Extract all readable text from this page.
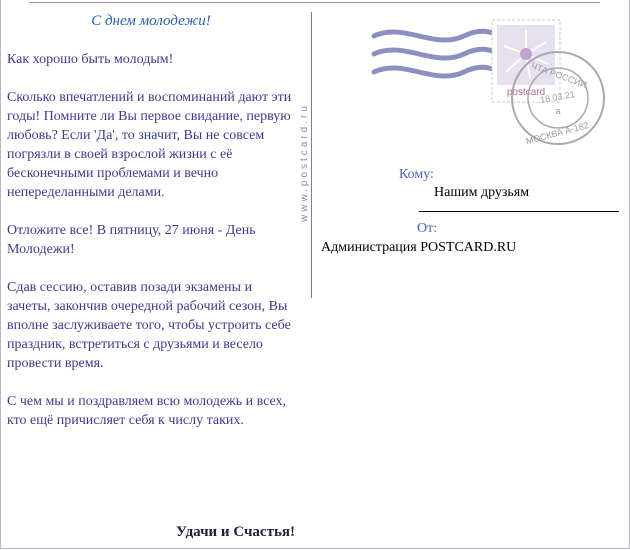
С днем молодежи!

Как хорошо быть молодым!

Сколько впечатлений и воспоминаний дают эти годы! Помните ли Вы первое свидание, первую любовь? Если 'Да', то значит, Вы не совсем погрязли в своей взрослой жизни с её бесконечными проблемами и вечно непеределанными делами.

Отложите все! В пятницу, 27 июня - День Молодежи!

Сдав сессию, оставив позади экзамены и зачеты, закончив очередной рабочий сезон, Вы вполне заслуживаете того, чтобы устроить себе праздник, встретиться с друзьями и весело провести время.

С чем мы и поздравляем всю молодежь и всех, кто ещё причисляет себя к числу таких.

Удачи и Счастья!
www.postcard.ru
postcard
ЧТА РОССИИ
18.03.21
а
МОСКВА А-182
Кому:
Нашим друзьям
От:
Администрация POSTCARD.RU
